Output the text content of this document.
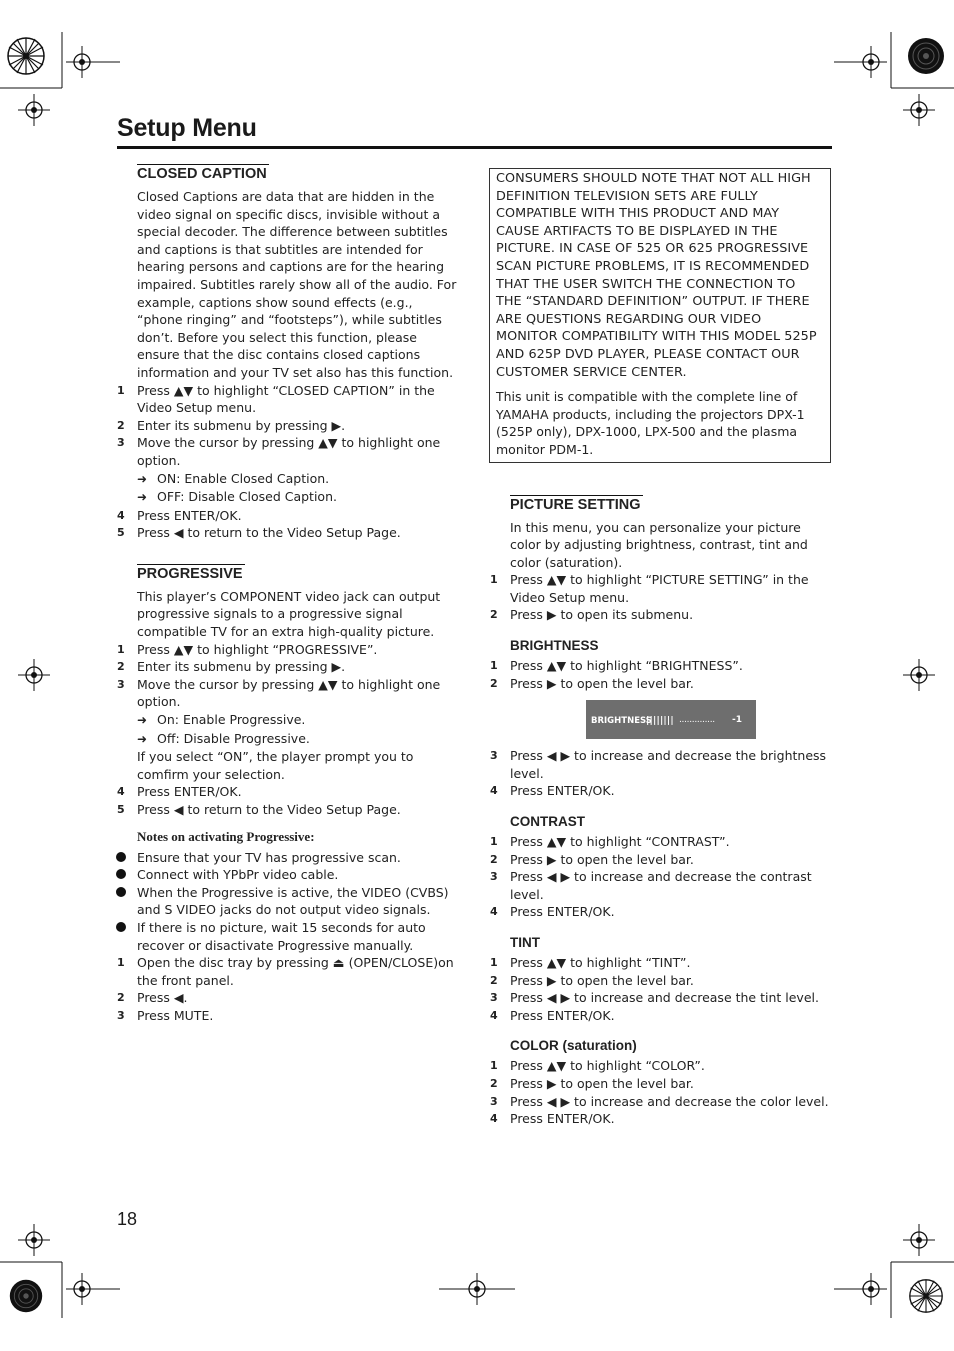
Setup Menu
CLOSED CAPTION

Closed Captions are data that are hidden in the video signal on specific discs, invisible without a special decoder. The difference between subtitles and captions is that subtitles are intended for hearing persons and captions are for the hearing impaired. Subtitles rarely show all of the audio. For example, captions show sound effects (e.g., “phone ringing” and “footsteps”), while subtitles don’t. Before you select this function, please ensure that the disc contains closed captions information and your TV set also has this function.

1 Press ▲▼ to highlight “CLOSED CAPTION” in the Video Setup menu.
2 Enter its submenu by pressing ▶.
3 Move the cursor by pressing ▲▼ to highlight one option.
➜ ON: Enable Closed Caption.
➜ OFF: Disable Closed Caption.
4 Press ENTER/OK.
5 Press ◀ to return to the Video Setup Page.
PROGRESSIVE

This player’s COMPONENT video jack can output progressive signals to a progressive signal compatible TV for an extra high-quality picture.

1 Press ▲▼ to highlight “PROGRESSIVE”.
2 Enter its submenu by pressing ▶.
3 Move the cursor by pressing ▲▼ to highlight one option.
➜ On: Enable Progressive.
➜ Off: Disable Progressive.

If you select “ON”, the player prompt you to comfirm your selection.

4 Press ENTER/OK.
5 Press ◀ to return to the Video Setup Page.
Notes on activating Progressive:
Ensure that your TV has progressive scan.
Connect with YPbPr video cable.
When the Progressive is active, the VIDEO (CVBS) and S VIDEO jacks do not output video signals.
If there is no picture, wait 15 seconds for auto recover or disactivate Progressive manually.
1 Open the disc tray by pressing ⏏ (OPEN/CLOSE)on the front panel.
2 Press ◀.
3 Press MUTE.

CONSUMERS SHOULD NOTE THAT NOT ALL HIGH DEFINITION TELEVISION SETS ARE FULLY COMPATIBLE WITH THIS PRODUCT AND MAY CAUSE ARTIFACTS TO BE DISPLAYED IN THE PICTURE. IN CASE OF 525 OR 625 PROGRESSIVE SCAN PICTURE PROBLEMS, IT IS RECOMMENDED THAT THE USER SWITCH THE CONNECTION TO THE “STANDARD DEFINITION” OUTPUT. IF THERE ARE QUESTIONS REGARDING OUR VIDEO MONITOR COMPATIBILITY WITH THIS MODEL 525P AND 625P DVD PLAYER, PLEASE CONTACT OUR CUSTOMER SERVICE CENTER.

This unit is compatible with the complete line of YAMAHA products, including the projectors DPX-1 (525P only), DPX-1000, LPX-500 and the plasma monitor PDM-1.

PICTURE SETTING

In this menu, you can personalize your picture color by adjusting brightness, contrast, tint and color (saturation).

1 Press ▲▼ to highlight “PICTURE SETTING” in the Video Setup menu.
2 Press ▶ to open its submenu.
BRIGHTNESS
1 Press ▲▼ to highlight “BRIGHTNESS”.
2 Press ▶ to open the level bar.
BRIGHTNESS
|||||||| .............. -1
3 Press ◀ ▶ to increase and decrease the brightness level.
4 Press ENTER/OK.
CONTRAST
1 Press ▲▼ to highlight “CONTRAST”.
2 Press ▶ to open the level bar.
3 Press ◀ ▶ to increase and decrease the contrast level.
4 Press ENTER/OK.
TINT
1 Press ▲▼ to highlight “TINT”.
2 Press ▶ to open the level bar.
3 Press ◀ ▶ to increase and decrease the tint level.
4 Press ENTER/OK.
COLOR (saturation)
1 Press ▲▼ to highlight “COLOR”.
2 Press ▶ to open the level bar.
3 Press ◀ ▶ to increase and decrease the color level.
4 Press ENTER/OK.
18
